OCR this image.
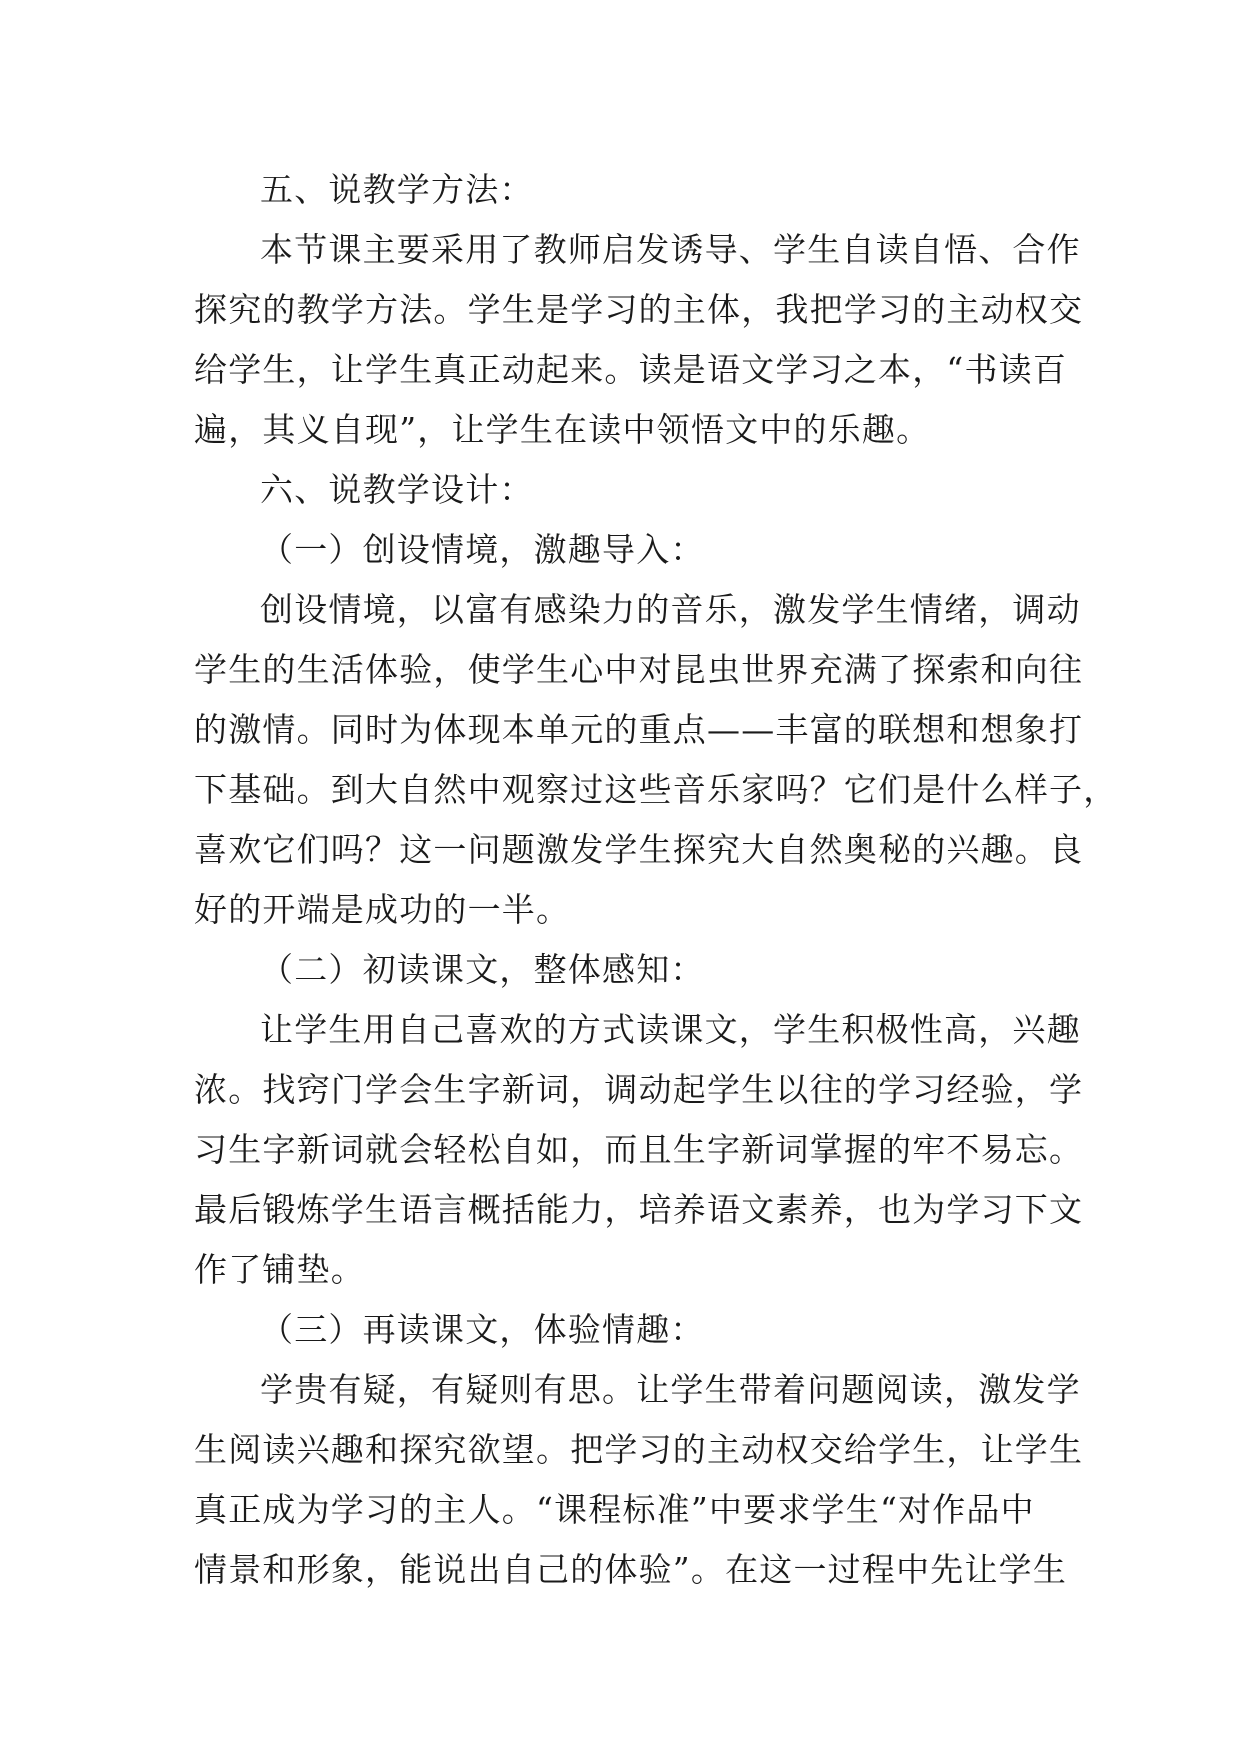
五、说教学方法：
本节课主要采用了教师启发诱导、学生自读自悟、合作
探究的教学方法。学生是学习的主体，我把学习的主动权交
给学生，让学生真正动起来。读是语文学习之本，“书读百
遍，其义自现”，让学生在读中领悟文中的乐趣。
六、说教学设计：
（一）创设情境，激趣导入：
创设情境，以富有感染力的音乐，激发学生情绪，调动
学生的生活体验，使学生心中对昆虫世界充满了探索和向往
的激情。同时为体现本单元的重点——丰富的联想和想象打
下基础。到大自然中观察过这些音乐家吗？它们是什么样子，
喜欢它们吗？这一问题激发学生探究大自然奥秘的兴趣。良
好的开端是成功的一半。
（二）初读课文，整体感知：
让学生用自己喜欢的方式读课文，学生积极性高，兴趣
浓。找窍门学会生字新词，调动起学生以往的学习经验，学
习生字新词就会轻松自如，而且生字新词掌握的牢不易忘。
最后锻炼学生语言概括能力，培养语文素养，也为学习下文
作了铺垫。
（三）再读课文，体验情趣：
学贵有疑，有疑则有思。让学生带着问题阅读，激发学
生阅读兴趣和探究欲望。把学习的主动权交给学生，让学生
真正成为学习的主人。“课程标准”中要求学生“对作品中
情景和形象，能说出自己的体验”。在这一过程中先让学生
